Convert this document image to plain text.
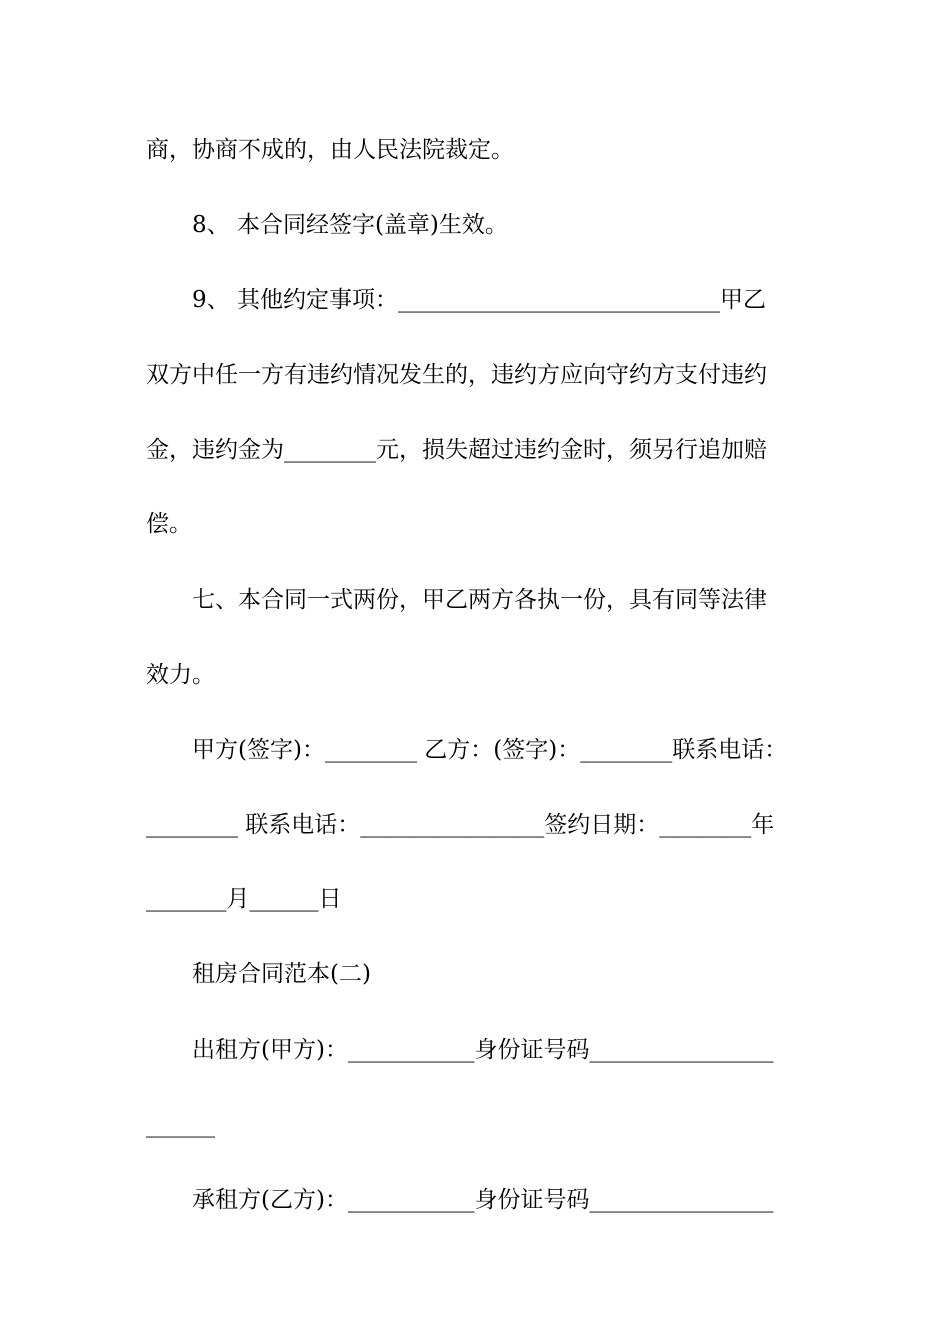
商，协商不成的，由人民法院裁定。
8、 本合同经签字(盖章)生效。
9、 其他约定事项：____________________________甲乙
双方中任一方有违约情况发生的，违约方应向守约方支付违约
金，违约金为________元，损失超过违约金时，须另行追加赔
偿。
七、本合同一式两份，甲乙两方各执一份，具有同等法律
效力。
甲方(签字)：________ 乙方：(签字)：________联系电话：
________ 联系电话：________________签约日期：________年
_______月______日
租房合同范本(二)
出租方(甲方)：___________身份证号码________________
______
承租方(乙方)：___________身份证号码________________
